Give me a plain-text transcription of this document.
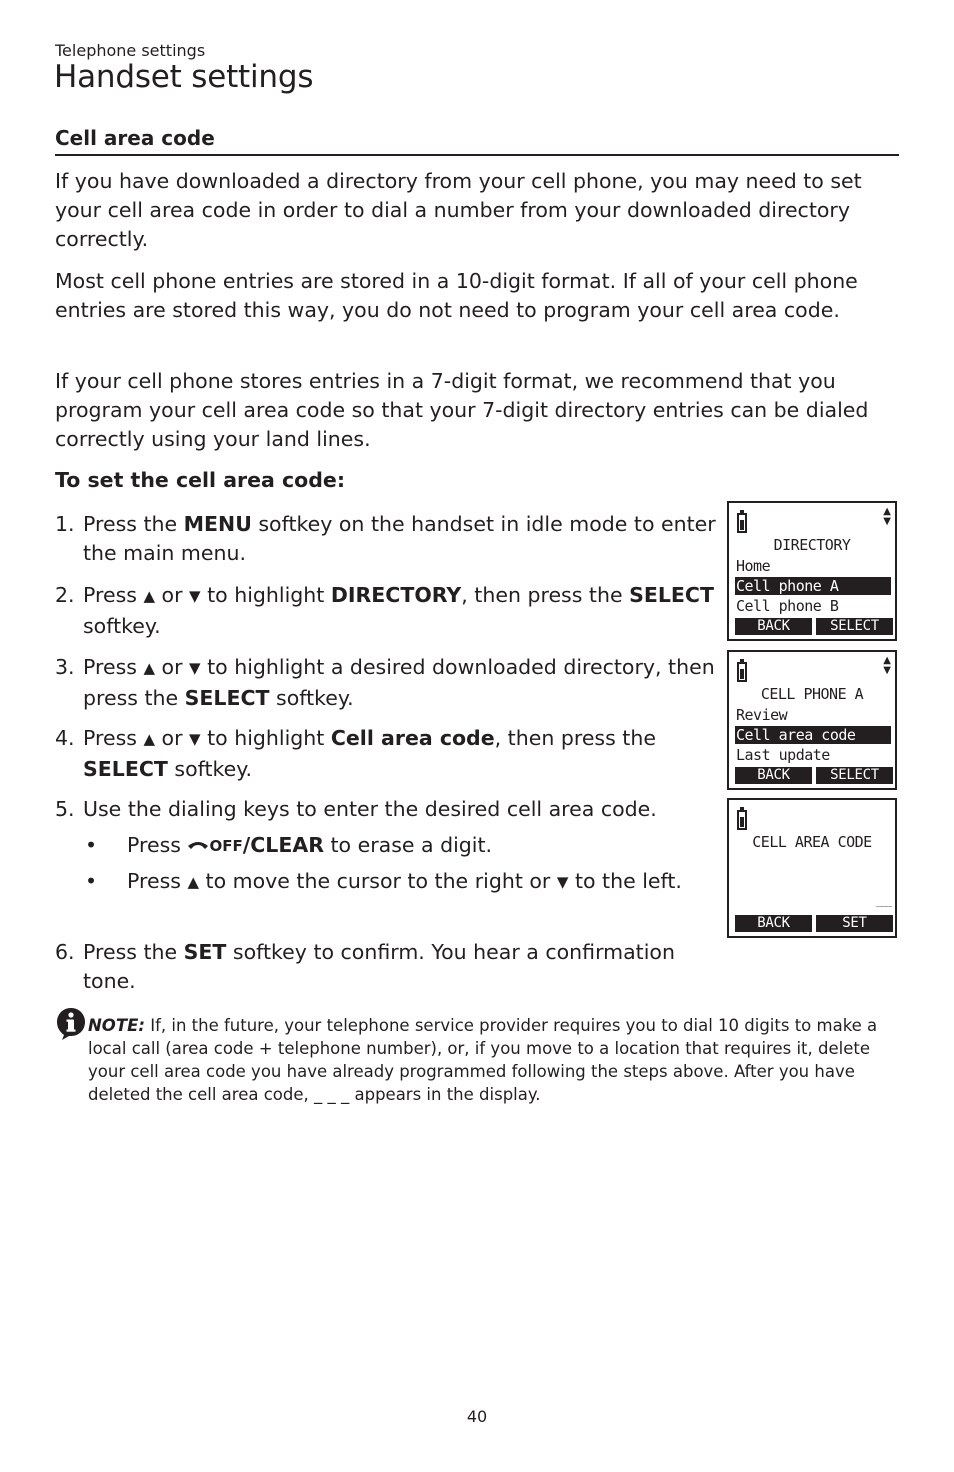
Telephone settings
Handset settings
Cell area code

If you have downloaded a directory from your cell phone, you may need to set your cell area code in order to dial a number from your downloaded directory correctly.

Most cell phone entries are stored in a 10-digit format. If all of your cell phone entries are stored this way, you do not need to program your cell area code.

If your cell phone stores entries in a 7-digit format, we recommend that you program your cell area code so that your 7-digit directory entries can be dialed correctly using your land lines.

To set the cell area code:
1. Press the MENU softkey on the handset in idle mode to enter the main menu.
2. Press ▲ or ▼ to highlight DIRECTORY, then press the SELECT softkey.
3. Press ▲ or ▼ to highlight a desired downloaded directory, then press the SELECT softkey.
4. Press ▲ or ▼ to highlight Cell area code, then press the SELECT softkey.
5. Use the dialing keys to enter the desired cell area code.
• Press OFF/CLEAR to erase a digit.
• Press ▲ to move the cursor to the right or ▼ to the left.
6. Press the SET softkey to confirm. You hear a confirmation tone.
▲
▼
DIRECTORY
Home
Cell phone A
Cell phone B
BACK	SELECT
▲
▼
CELL PHONE A
Review
Cell area code
Last update
BACK	SELECT
CELL AREA CODE
___
BACK	SET
NOTE: If, in the future, your telephone service provider requires you to dial 10 digits to make a local call (area code + telephone number), or, if you move to a location that requires it, delete your cell area code you have already programmed following the steps above. After you have deleted the cell area code, _ _ _ appears in the display.
40
